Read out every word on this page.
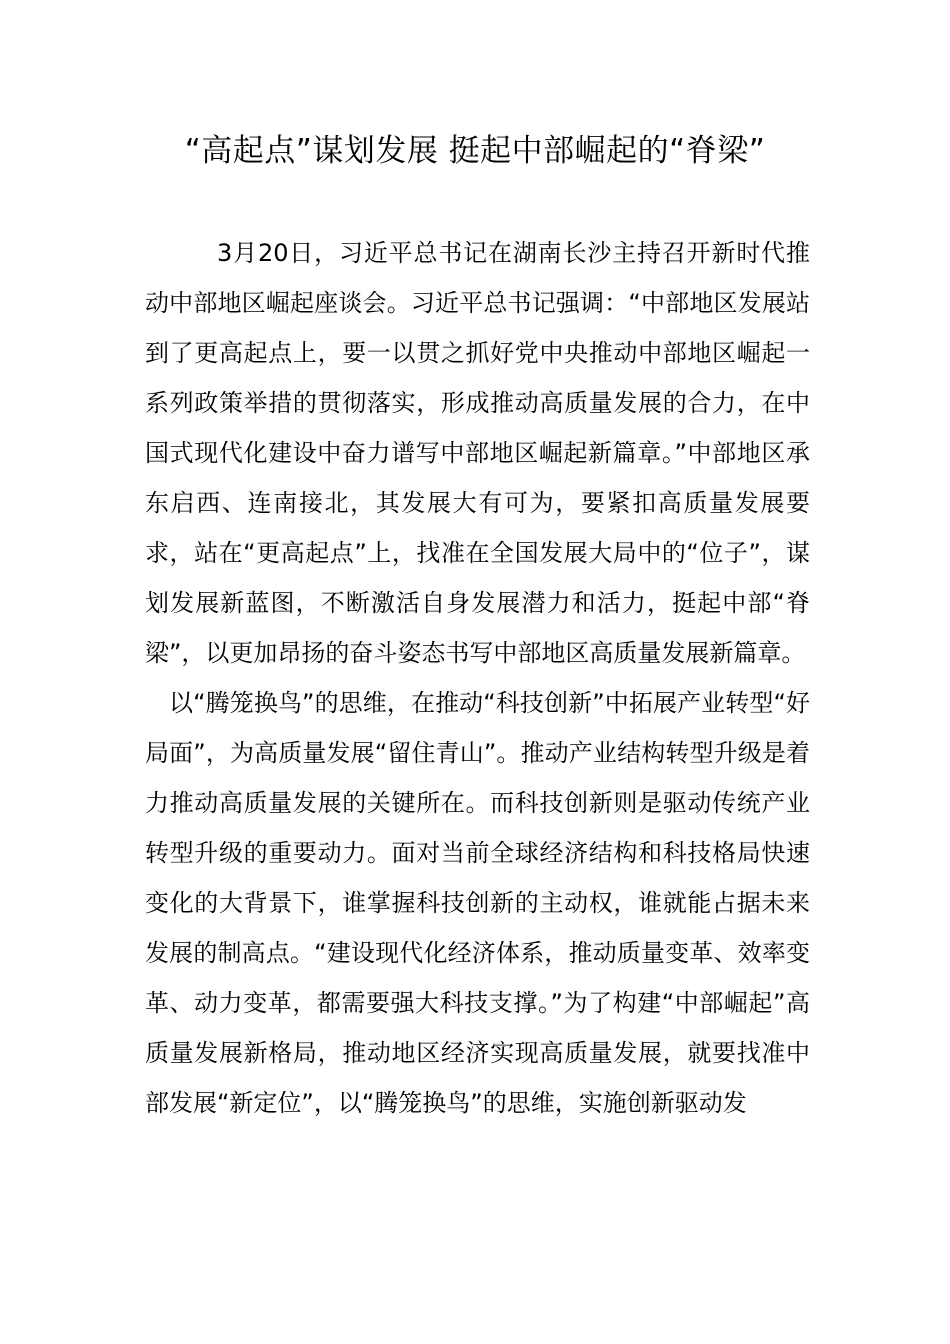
“高起点”谋划发展 挺起中部崛起的“脊梁”

3月20日，习近平总书记在湖南长沙主持召开新时代推动中部地区崛起座谈会。习近平总书记强调：“中部地区发展站到了更高起点上，要一以贯之抓好党中央推动中部地区崛起一系列政策举措的贯彻落实，形成推动高质量发展的合力，在中国式现代化建设中奋力谱写中部地区崛起新篇章。”中部地区承东启西、连南接北，其发展大有可为，要紧扣高质量发展要求，站在“更高起点”上，找准在全国发展大局中的“位子”，谋划发展新蓝图，不断激活自身发展潜力和活力，挺起中部“脊梁”，以更加昂扬的奋斗姿态书写中部地区高质量发展新篇章。

以“腾笼换鸟”的思维，在推动“科技创新”中拓展产业转型“好局面”，为高质量发展“留住青山”。推动产业结构转型升级是着力推动高质量发展的关键所在。而科技创新则是驱动传统产业转型升级的重要动力。面对当前全球经济结构和科技格局快速变化的大背景下，谁掌握科技创新的主动权，谁就能占据未来发展的制高点。“建设现代化经济体系，推动质量变革、效率变革、动力变革，都需要强大科技支撑。”为了构建“中部崛起”高质量发展新格局，推动地区经济实现高质量发展，就要找准中部发展“新定位”，以“腾笼换鸟”的思维，实施创新驱动发
